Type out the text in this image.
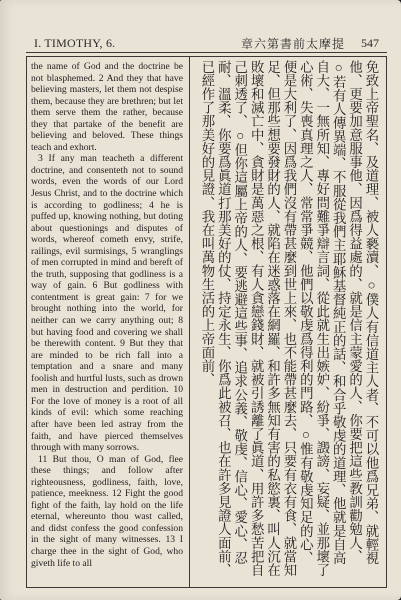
I. TIMOTHY, 6.	章六第書前太摩提 547

the name of God and the doctrine be not blasphemed. 2 And they that have believing masters, let them not despise them, because they are brethren; but let them serve them the rather, because they that partake of the benefit are believing and beloved. These things teach and exhort.

3 If any man teacheth a different doctrine, and consenteth not to sound words, even the words of our Lord Jesus Christ, and to the doctrine which is according to godliness; 4 he is puffed up, knowing nothing, but doting about questionings and disputes of words, whereof cometh envy, strife, railings, evil surmisings, 5 wranglings of men corrupted in mind and bereft of the truth, supposing that godliness is a way of gain. 6 But godliness with contentment is great gain: 7 for we brought nothing into the world, for neither can we carry anything out; 8 but having food and covering we shall be therewith content. 9 But they that are minded to be rich fall into a temptation and a snare and many foolish and hurtful lusts, such as drown men in destruction and perdition. 10 For the love of money is a root of all kinds of evil: which some reaching after have been led astray from the faith, and have pierced themselves through with many sorrows.

11 But thou, O man of God, flee these things; and follow after righteousness, godliness, faith, love, patience, meekness. 12 Fight the good fight of the faith, lay hold on the life eternal, whereunto thou wast called, and didst confess the good confession in the sight of many witnesses. 13 I charge thee in the sight of God, who giveth life to all	免致上帝聖名、及道理、被人褻瀆、○僕人有信道主人者、不可以他爲兄弟、就輕視他、更要加意服事他、因爲得益處的、就是信主蒙愛的人、你要把這些教訓勸勉人、○若有人傳異端、不服從我們主耶穌基督純正的話、和合乎敬虔的道理、他就是自高自大、一無所知、專好問難爭辯言詞、從此就生出嫉妒、紛爭、譭謗、妄疑、並那壞了心術、失喪真理之人、常常爭競、他們以敬虔爲得利的門路、○惟有敬虔知足的心、便是大利了、因爲我們沒有帶甚麼到世上來、也不能帶甚麼去、只要有衣有食、就當知足、但那些想要發財的人、就陷在迷惑落在網羅、和許多無知有害的私慾裏、叫人沉在敗壞和滅亡中、貪財是萬惡之根、有人貪戀錢財、就被引誘離了眞道、用許多愁苦把自己刺透了、○但你這屬上帝的人、要逃避這些事、追求公義、敬虔、信心、愛心、忍耐、溫柔、你要爲眞道打那美好的仗、持定永生、你爲此被召、也在許多見證人面前、已經作了那美好的見證、我在叫萬物生活的上帝面前、
